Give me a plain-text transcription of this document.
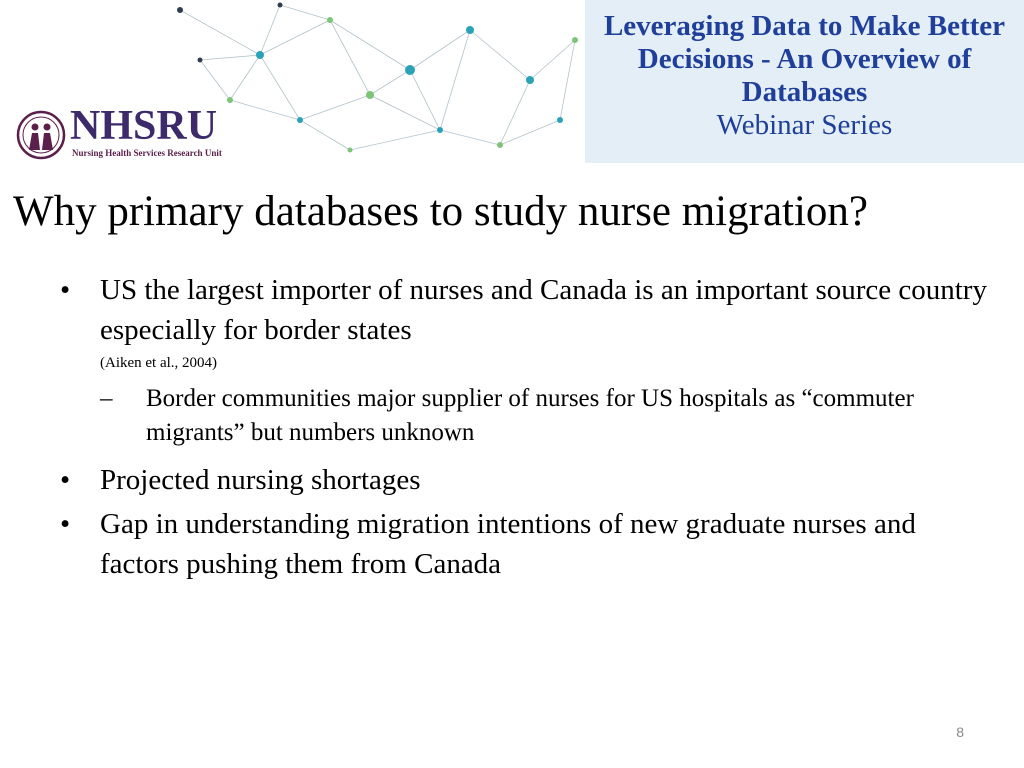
Leveraging Data to Make Better Decisions - An Overview of Databases
Webinar Series
NHSRU
Nursing Health Services Research Unit
Why primary databases to study nurse migration?
• US the largest importer of nurses and Canada is an important source country especially for border states
(Aiken et al., 2004)
– Border communities major supplier of nurses for US hospitals as “commuter migrants” but numbers unknown
• Projected nursing shortages
• Gap in understanding migration intentions of new graduate nurses and factors pushing them from Canada
8
